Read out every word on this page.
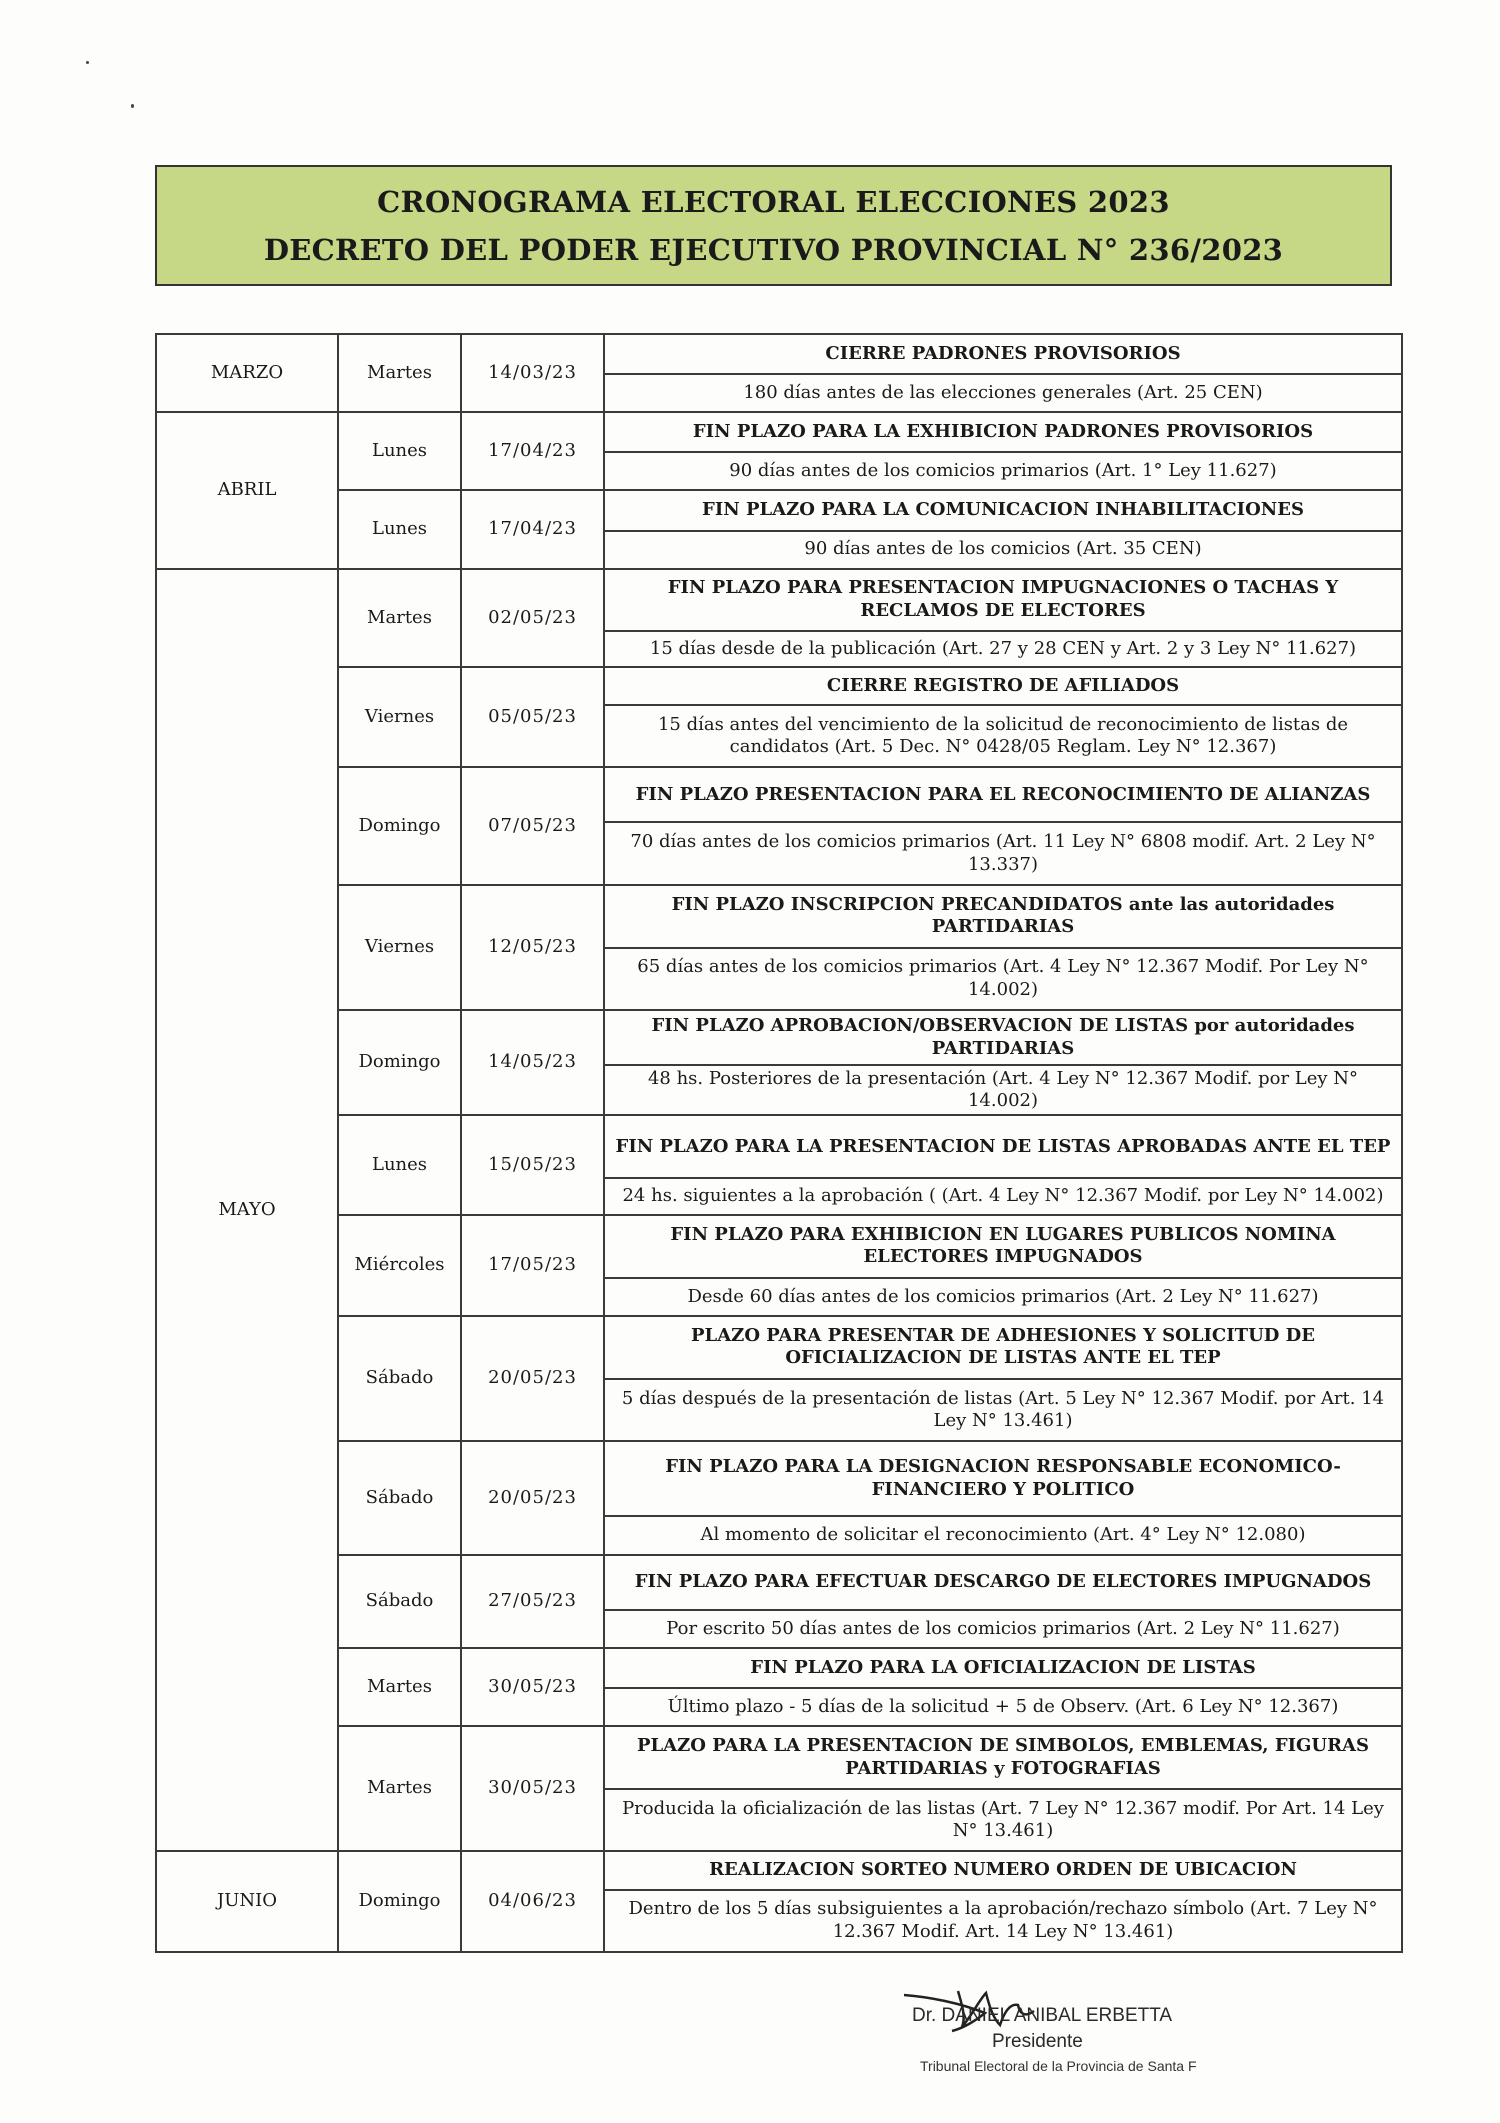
CRONOGRAMA ELECTORAL ELECCIONES 2023
DECRETO DEL PODER EJECUTIVO PROVINCIAL N° 236/2023
MARZO	Martes	14/03/23	CIERRE PADRONES PROVISORIOS
			180 días antes de las elecciones generales (Art. 25 CEN)
ABRIL	Lunes	17/04/23	FIN PLAZO PARA LA EXHIBICION PADRONES PROVISORIOS
			90 días antes de los comicios primarios (Art. 1° Ley 11.627)
	Lunes	17/04/23	FIN PLAZO PARA LA COMUNICACION INHABILITACIONES
			90 días antes de los comicios (Art. 35 CEN)
MAYO	Martes	02/05/23	FIN PLAZO PARA PRESENTACION IMPUGNACIONES O TACHAS Y RECLAMOS DE ELECTORES
			15 días desde de la publicación (Art. 27 y 28 CEN y Art. 2 y 3 Ley N° 11.627)
	Viernes	05/05/23	CIERRE REGISTRO DE AFILIADOS
			15 días antes del vencimiento de la solicitud de reconocimiento de listas de candidatos (Art. 5 Dec. N° 0428/05 Reglam. Ley N° 12.367)
	Domingo	07/05/23	FIN PLAZO PRESENTACION PARA EL RECONOCIMIENTO DE ALIANZAS
			70 días antes de los comicios primarios (Art. 11 Ley N° 6808 modif. Art. 2 Ley N° 13.337)
	Viernes	12/05/23	FIN PLAZO INSCRIPCION PRECANDIDATOS ante las autoridades PARTIDARIAS
			65 días antes de los comicios primarios (Art. 4 Ley N° 12.367 Modif. Por Ley N° 14.002)
	Domingo	14/05/23	FIN PLAZO APROBACION/OBSERVACION DE LISTAS por autoridades PARTIDARIAS
			48 hs. Posteriores de la presentación (Art. 4 Ley N° 12.367 Modif. por Ley N° 14.002)
	Lunes	15/05/23	FIN PLAZO PARA LA PRESENTACION DE LISTAS APROBADAS ANTE EL TEP
			24 hs. siguientes a la aprobación ( (Art. 4 Ley N° 12.367 Modif. por Ley N° 14.002)
	Miércoles	17/05/23	FIN PLAZO PARA EXHIBICION EN LUGARES PUBLICOS NOMINA ELECTORES IMPUGNADOS
			Desde 60 días antes de los comicios primarios (Art. 2 Ley N° 11.627)
	Sábado	20/05/23	PLAZO PARA PRESENTAR DE ADHESIONES Y SOLICITUD DE OFICIALIZACION DE LISTAS ANTE EL TEP
			5 días después de la presentación de listas (Art. 5 Ley N° 12.367 Modif. por Art. 14 Ley N° 13.461)
	Sábado	20/05/23	FIN PLAZO PARA LA DESIGNACION RESPONSABLE ECONOMICO-FINANCIERO Y POLITICO
			Al momento de solicitar el reconocimiento (Art. 4° Ley N° 12.080)
	Sábado	27/05/23	FIN PLAZO PARA EFECTUAR DESCARGO DE ELECTORES IMPUGNADOS
			Por escrito 50 días antes de los comicios primarios (Art. 2 Ley N° 11.627)
	Martes	30/05/23	FIN PLAZO PARA LA OFICIALIZACION DE LISTAS
			Último plazo - 5 días de la solicitud + 5 de Observ. (Art. 6 Ley N° 12.367)
	Martes	30/05/23	PLAZO PARA LA PRESENTACION DE SIMBOLOS, EMBLEMAS, FIGURAS PARTIDARIAS y FOTOGRAFIAS
			Producida la oficialización de las listas (Art. 7 Ley N° 12.367 modif. Por Art. 14 Ley N° 13.461)
JUNIO	Domingo	04/06/23	REALIZACION SORTEO NUMERO ORDEN DE UBICACION
			Dentro de los 5 días subsiguientes a la aprobación/rechazo símbolo (Art. 7 Ley N° 12.367 Modif. Art. 14 Ley N° 13.461)
Dr. DANIEL ANIBAL ERBETTA
Presidente
Tribunal Electoral de la Provincia de Santa F
